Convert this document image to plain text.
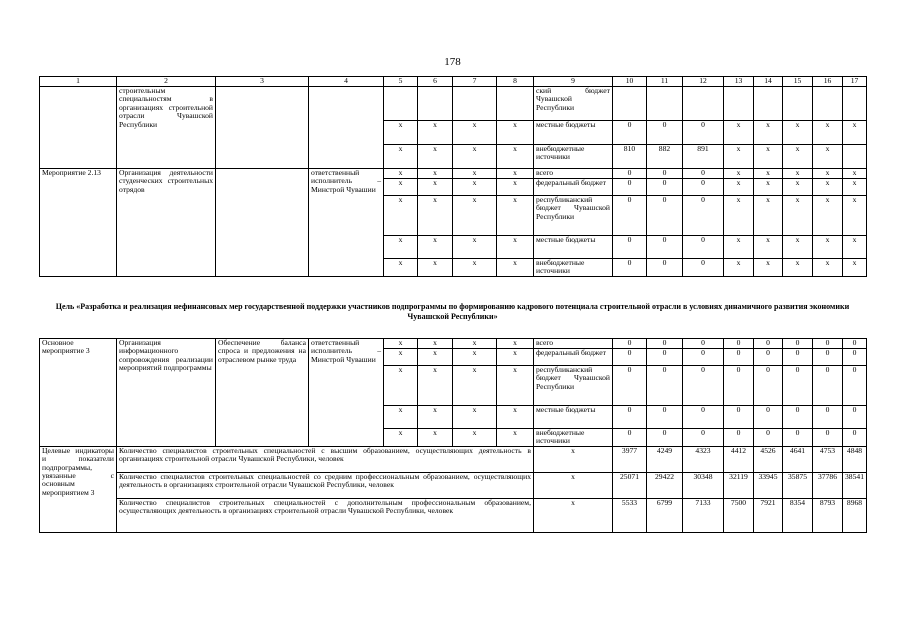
178
1	2	3	4	5	6	7	8	9	10	11	12	13	14	15	16	17
	строительным специальностям в организациях строительной отрасли Чувашской Республики							ский бюджет Чувашской Республики								
				х	х	х	х	местные бюджеты	0	0	0	х	х	х	х	х
				х	х	х	х	внебюджетные источники	810	882	891	х	х	х	х	
Мероприятие 2.13	Организация деятельности студенческих строительных отрядов		ответственный исполнитель – Минстрой Чувашии	х	х	х	х	всего	0	0	0	х	х	х	х	х
				х	х	х	х	федеральный бюджет	0	0	0	х	х	х	х	х
				х	х	х	х	республиканский бюджет Чувашской Республики	0	0	0	х	х	х	х	х
				х	х	х	х	местные бюджеты	0	0	0	х	х	х	х	х
				х	х	х	х	внебюджетные источники	0	0	0	х	х	х	х	х
Цель «Разработка и реализация нефинансовых мер государственной поддержки участников подпрограммы по формированию кадрового потенциала строительной отрасли в условиях динамичного развития экономики Чувашской Республики»
Основное мероприятие 3	Организация информационного сопровождения реализации мероприятий подпрограммы	Обеспечение баланса спроса и предложения на отраслевом рынке труда	ответственный исполнитель – Минстрой Чувашии	х	х	х	х	всего	0	0	0	0	0	0	0	0
				х	х	х	х	федеральный бюджет	0	0	0	0	0	0	0	0
				х	х	х	х	республиканский бюджет Чувашской Республики	0	0	0	0	0	0	0	0
				х	х	х	х	местные бюджеты	0	0	0	0	0	0	0	0
				х	х	х	х	внебюджетные источники	0	0	0	0	0	0	0	0
Целевые индикаторы и показатели подпрограммы, увязанные с основным мероприятием 3	Количество специалистов строительных специальностей с высшим образованием, осуществляющих деятельность в организациях строительной отрасли Чувашской Республики, человек							х	3977	4249	4323	4412	4526	4641	4753	4848
	Количество специалистов строительных специальностей со средним профессиональным образованием, осуществляющих деятельность в организациях строительной отрасли Чувашской Республики, человек							х	25071	29422	30348	32119	33945	35875	37786	38541
	Количество специалистов строительных специальностей с дополнительным профессиональным образованием, осуществляющих деятельность в организациях строительной отрасли Чувашской Республики, человек							х	5533	6799	7133	7500	7921	8354	8793	8968
